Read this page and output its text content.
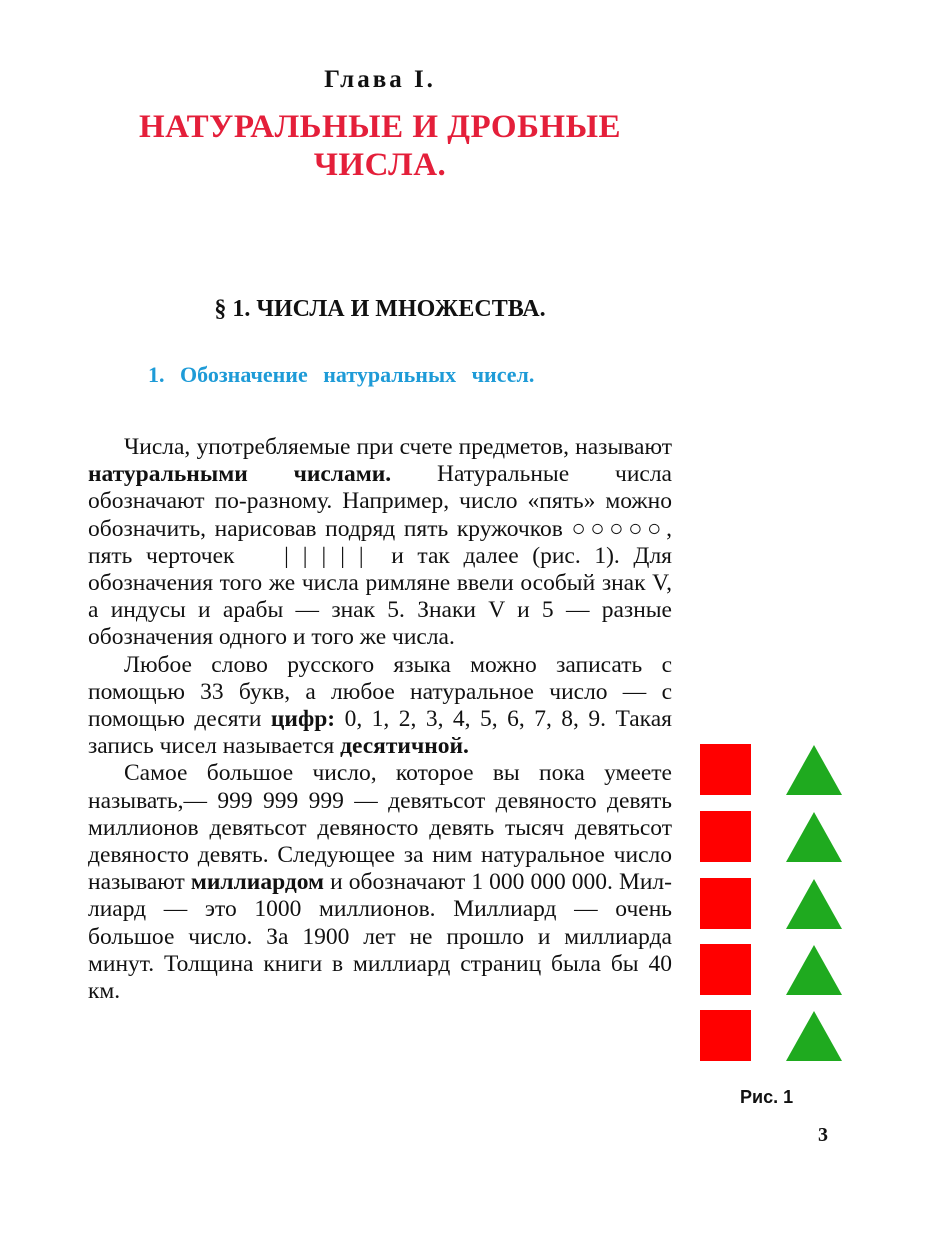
Глава I.
НАТУРАЛЬНЫЕ И ДРОБНЫЕ
ЧИСЛА.
§ 1. ЧИСЛА И МНОЖЕСТВА.
1. Обозначение натуральных чисел.

Числа, употребляемые при счете предметов, называют натуральными числами. Натуральные числа обозначают по-разному. Например, число «пять» можно обозначить, нарисовав подряд пять кружочков ○○○○○, пять черточек ||||| и так далее (рис. 1). Для обозначения того же числа римляне ввели особый знак V, а индусы и арабы — знак 5. Знаки V и 5 — разные обозначения одного и того же числа.

Любое слово русского языка можно записать с помощью 33 букв, а любое натуральное число — с помощью десяти цифр: 0, 1, 2, 3, 4, 5, 6, 7, 8, 9. Такая запись чисел называется десятичной.

Самое большое число, которое вы пока умеете называть,— 999 999 999 — девятьсот девяносто девять миллионов девятьсот девяносто девять тысяч девятьсот девяносто девять. Следующее за ним натуральное число называют миллиардом и обозначают 1 000 000 000. Миллиард — это 1000 миллионов. Миллиард — очень большое число. За 1900 лет не прошло и миллиарда минут. Толщина книги в миллиард страниц была бы 40 км.

Рис. 1
3
